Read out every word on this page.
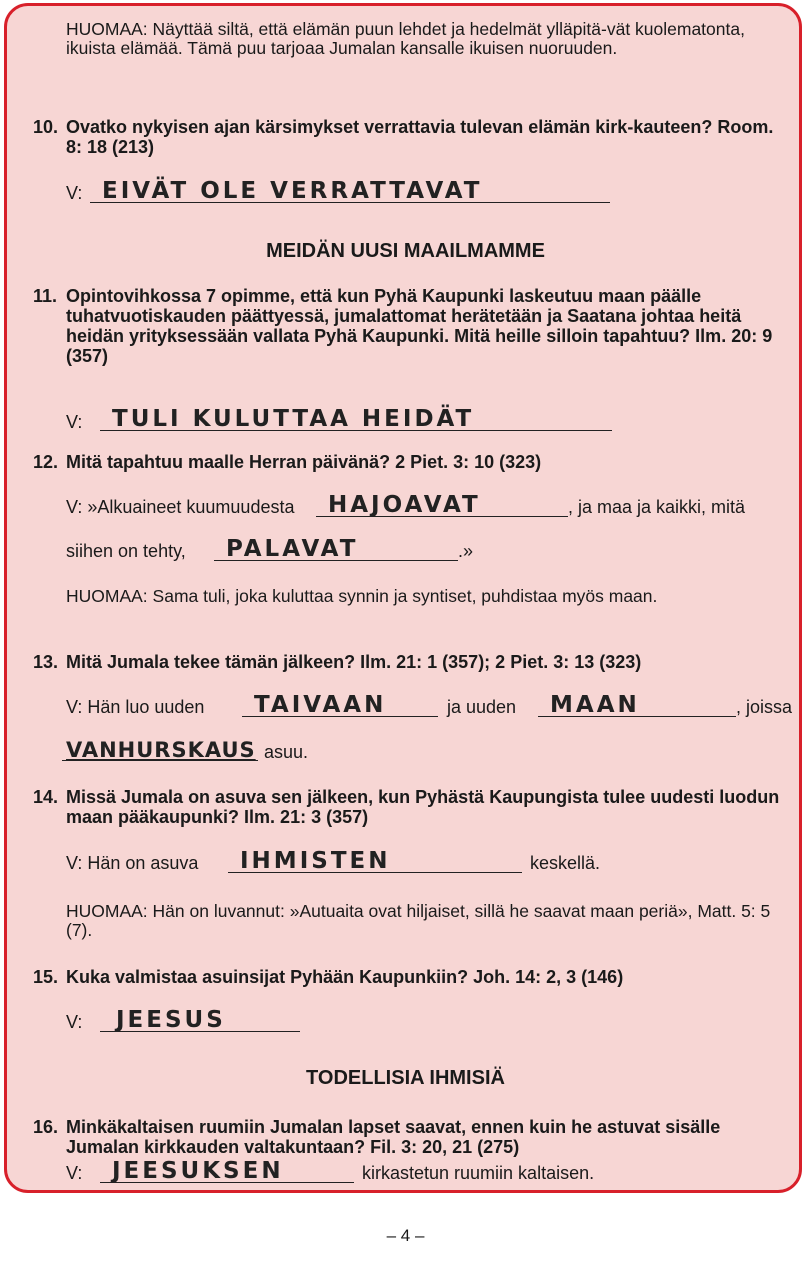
HUOMAA: Näyttää siltä, että elämän puun lehdet ja hedelmät ylläpitä-vät kuolematonta, ikuista elämää. Tämä puu tarjoaa Jumalan kansalle ikuisen nuoruuden.
10. Ovatko nykyisen ajan kärsimykset verrattavia tulevan elämän kirk-kauteen? Room. 8: 18 (213)
V: EIVÄT OLE VERRATTAVAT
MEIDÄN UUSI MAAILMAMME
11. Opintovihkossa 7 opimme, että kun Pyhä Kaupunki laskeutuu maan päälle tuhatvuotiskauden päättyessä, jumalattomat herätetään ja Saatana johtaa heitä heidän yrityksessään vallata Pyhä Kaupunki. Mitä heille silloin tapahtuu? Ilm. 20: 9 (357)
V: TULI KULUTTAA HEIDÄT
12. Mitä tapahtuu maalle Herran päivänä? 2 Piet. 3: 10 (323)
V: »Alkuaineet kuumuudesta HAJOAVAT	, ja maa ja kaikki, mitä
siihen on tehty, PALAVAT	.»
HUOMAA: Sama tuli, joka kuluttaa synnin ja syntiset, puhdistaa myös maan.
13. Mitä Jumala tekee tämän jälkeen? Ilm. 21: 1 (357); 2 Piet. 3: 13 (323)
V: Hän luo uuden TAIVAAN	ja uuden MAAN	, joissa
VANHURSKAUS asuu.
14. Missä Jumala on asuva sen jälkeen, kun Pyhästä Kaupungista tulee uudesti luodun maan pääkaupunki? Ilm. 21: 3 (357)
V: Hän on asuva IHMISTEN	keskellä.
HUOMAA: Hän on luvannut: »Autuaita ovat hiljaiset, sillä he saavat maan periä», Matt. 5: 5 (7).
15. Kuka valmistaa asuinsijat Pyhään Kaupunkiin? Joh. 14: 2, 3 (146)
V: JEESUS
TODELLISIA IHMISIÄ
16. Minkäkaltaisen ruumiin Jumalan lapset saavat, ennen kuin he astuvat sisälle Jumalan kirkkauden valtakuntaan? Fil. 3: 20, 21 (275)
V: JEESUKSEN	kirkastetun ruumiin kaltaisen.
– 4 –
